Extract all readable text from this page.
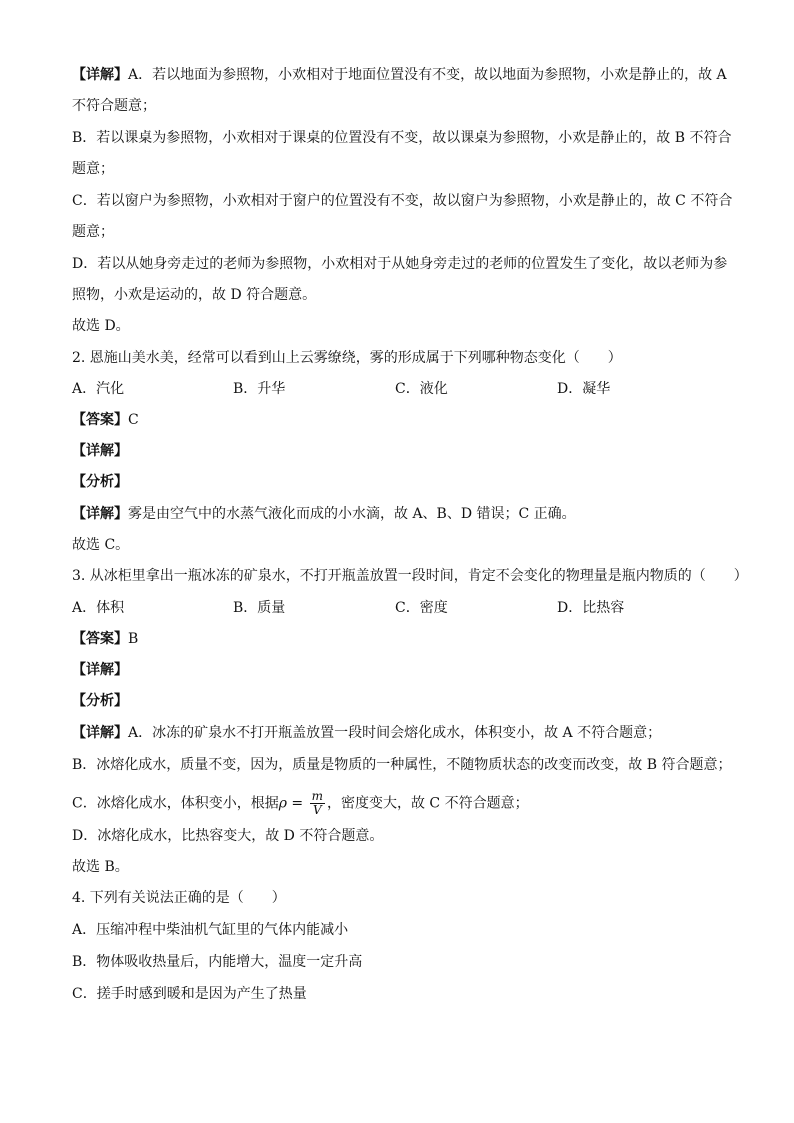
【详解】A．若以地面为参照物，小欢相对于地面位置没有不变，故以地面为参照物，小欢是静止的，故 A
不符合题意；
B．若以课桌为参照物，小欢相对于课桌的位置没有不变，故以课桌为参照物，小欢是静止的，故 B 不符合
题意；
C．若以窗户为参照物，小欢相对于窗户的位置没有不变，故以窗户为参照物，小欢是静止的，故 C 不符合
题意；
D．若以从她身旁走过的老师为参照物，小欢相对于从她身旁走过的老师的位置发生了变化，故以老师为参
照物，小欢是运动的，故 D 符合题意。
故选 D。
2. 恩施山美水美，经常可以看到山上云雾缭绕，雾的形成属于下列哪种物态变化（　　）
A．汽化	B．升华	C．液化	D．凝华
【答案】C
【详解】
【分析】
【详解】雾是由空气中的水蒸气液化而成的小水滴，故 A、B、D 错误；C 正确。
故选 C。
3. 从冰柜里拿出一瓶冰冻的矿泉水，不打开瓶盖放置一段时间，肯定不会变化的物理量是瓶内物质的（　　）
A．体积	B．质量	C．密度	D．比热容
【答案】B
【详解】
【分析】
【详解】A．冰冻的矿泉水不打开瓶盖放置一段时间会熔化成水，体积变小，故 A 不符合题意；
B．冰熔化成水，质量不变，因为，质量是物质的一种属性，不随物质状态的改变而改变，故 B 符合题意；
C．冰熔化成水，体积变小，根据$\rho = \frac{m}{V}$ ，密度变大，故 C 不符合题意；
D．冰熔化成水，比热容变大，故 D 不符合题意。
故选 B。
4. 下列有关说法正确的是（　　）
A．压缩冲程中柴油机气缸里的气体内能减小
B．物体吸收热量后，内能增大，温度一定升高
C．搓手时感到暖和是因为产生了热量
